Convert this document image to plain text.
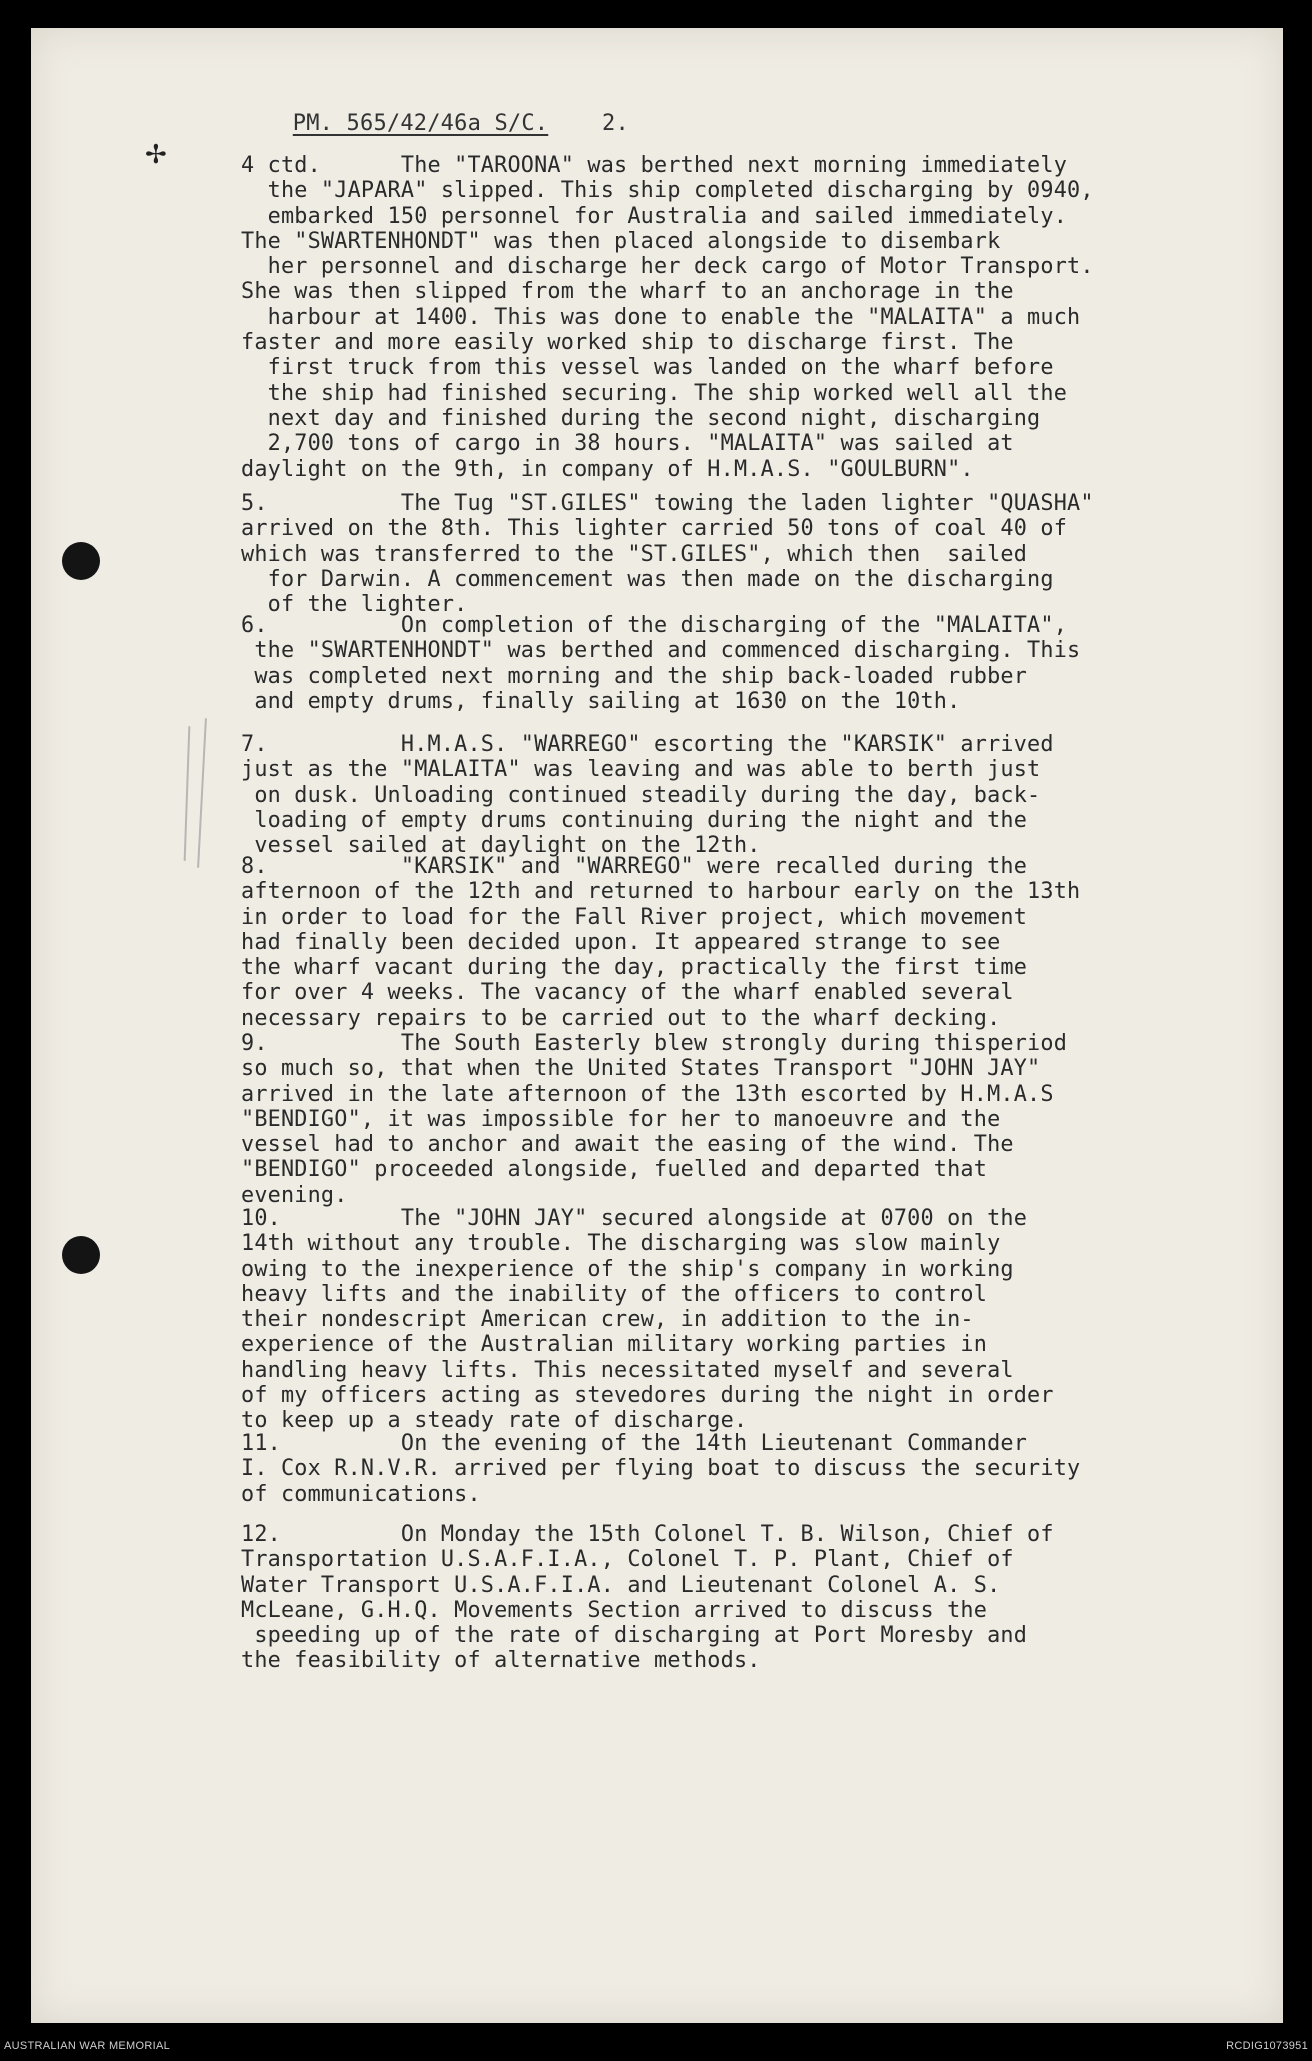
PM. 565/42/46a S/C. 2.

✢	4 ctd.      The "TAROONA" was berthed next morning immediately
the "JAPARA" slipped. This ship completed discharging by 0940,
embarked 150 personnel for Australia and sailed immediately.
The "SWARTENHONDT" was then placed alongside to disembark
her personnel and discharge her deck cargo of Motor Transport.
She was then slipped from the wharf to an anchorage in the
harbour at 1400. This was done to enable the "MALAITA" a much
faster and more easily worked ship to discharge first. The
first truck from this vessel was landed on the wharf before
the ship had finished securing. The ship worked well all the
next day and finished during the second night, discharging
2,700 tons of cargo in 38 hours. "MALAITA" was sailed at
daylight on the 9th, in company of H.M.A.S. "GOULBURN".
5.          The Tug "ST.GILES" towing the laden lighter "QUASHA"
arrived on the 8th. This lighter carried 50 tons of coal 40 of
which was transferred to the "ST.GILES", which then  sailed
for Darwin. A commencement was then made on the discharging
of the lighter.
6.          On completion of the discharging of the "MALAITA",
the "SWARTENHONDT" was berthed and commenced discharging. This
was completed next morning and the ship back-loaded rubber
and empty drums, finally sailing at 1630 on the 10th.
7.          H.M.A.S. "WARREGO" escorting the "KARSIK" arrived
just as the "MALAITA" was leaving and was able to berth just
on dusk. Unloading continued steadily during the day, back-
loading of empty drums continuing during the night and the
vessel sailed at daylight on the 12th.
8.          "KARSIK" and "WARREGO" were recalled during the
afternoon of the 12th and returned to harbour early on the 13th
in order to load for the Fall River project, which movement
had finally been decided upon. It appeared strange to see
the wharf vacant during the day, practically the first time
for over 4 weeks. The vacancy of the wharf enabled several
necessary repairs to be carried out to the wharf decking.
9.          The South Easterly blew strongly during thisperiod
so much so, that when the United States Transport "JOHN JAY"
arrived in the late afternoon of the 13th escorted by H.M.A.S
"BENDIGO", it was impossible for her to manoeuvre and the
vessel had to anchor and await the easing of the wind. The
"BENDIGO" proceeded alongside, fuelled and departed that
evening.
10.         The "JOHN JAY" secured alongside at 0700 on the
14th without any trouble. The discharging was slow mainly
owing to the inexperience of the ship's company in working
heavy lifts and the inability of the officers to control
their nondescript American crew, in addition to the in-
experience of the Australian military working parties in
handling heavy lifts. This necessitated myself and several
of my officers acting as stevedores during the night in order
to keep up a steady rate of discharge.
11.         On the evening of the 14th Lieutenant Commander
I. Cox R.N.V.R. arrived per flying boat to discuss the security
of communications.
12.         On Monday the 15th Colonel T. B. Wilson, Chief of
Transportation U.S.A.F.I.A., Colonel T. P. Plant, Chief of
Water Transport U.S.A.F.I.A. and Lieutenant Colonel A. S.
McLeane, G.H.Q. Movements Section arrived to discuss the
speeding up of the rate of discharging at Port Moresby and
the feasibility of alternative methods.
AUSTRALIAN WAR MEMORIAL	RCDIG1073951
